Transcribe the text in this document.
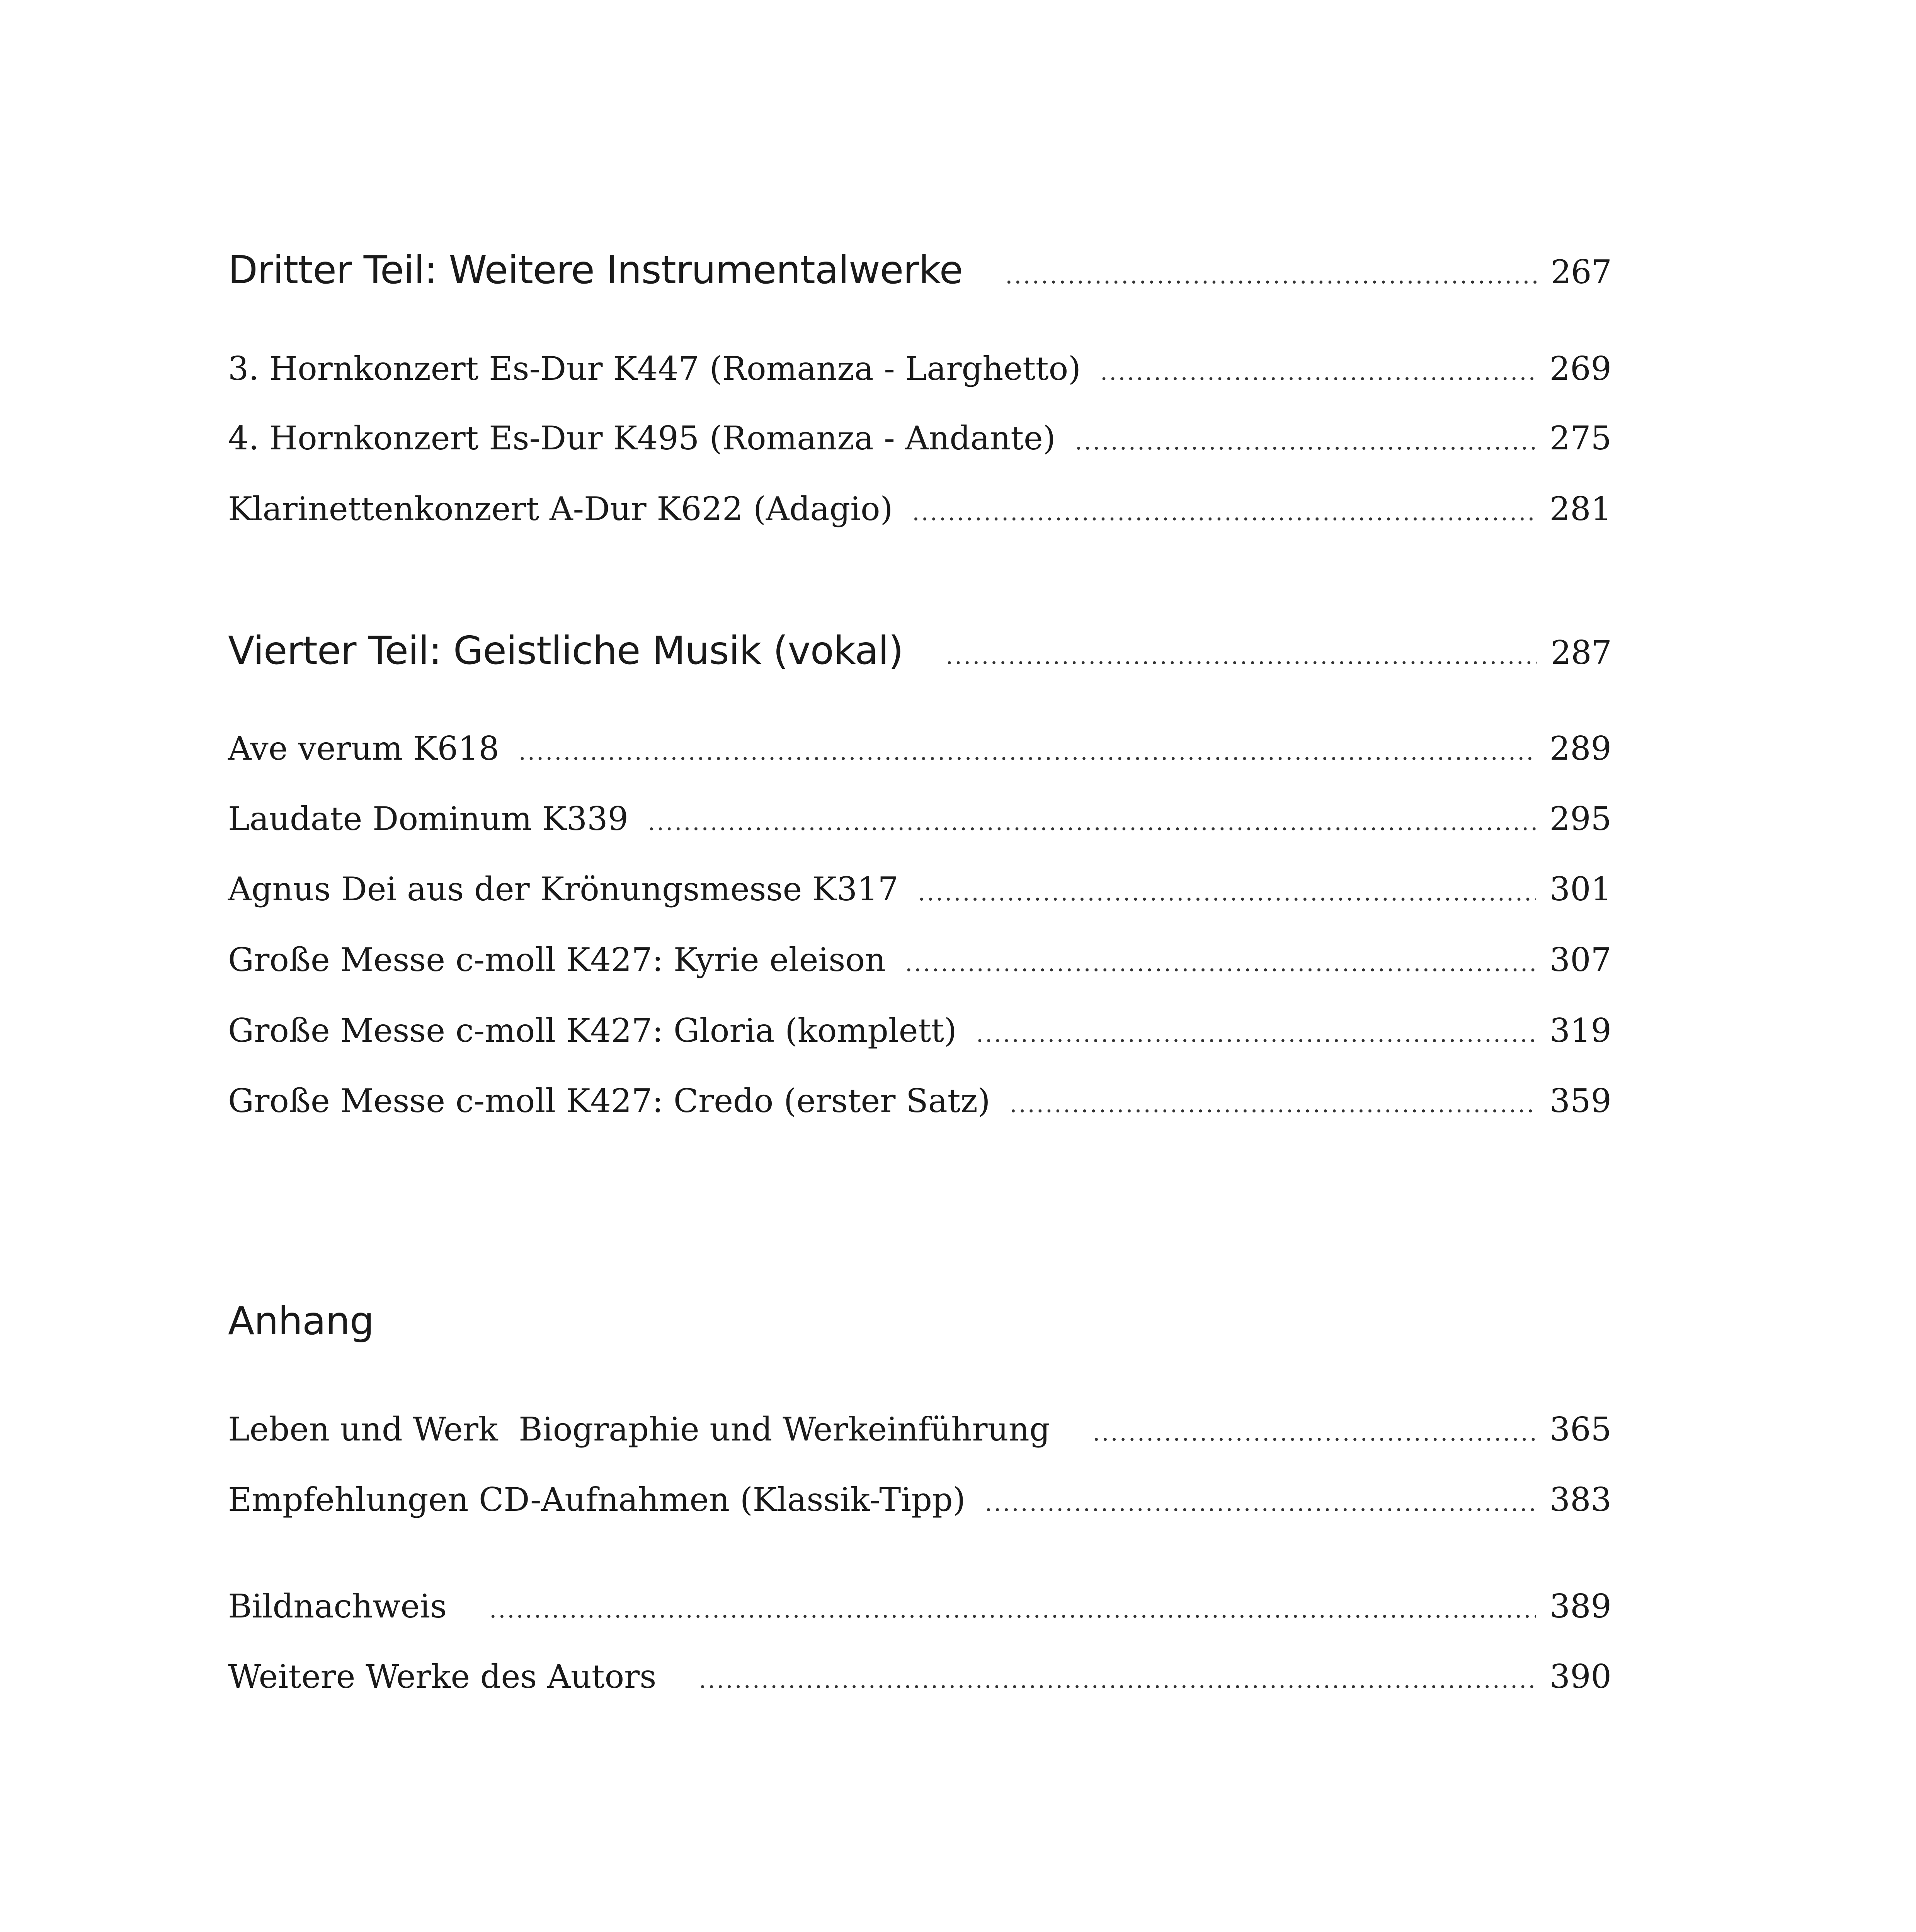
Dritter Teil: Weitere Instrumentalwerke .....	267
3. Hornkonzert Es-Dur K447 (Romanza - Larghetto) .....	269
4. Hornkonzert Es-Dur K495 (Romanza - Andante) .....	275
Klarinettenkonzert A-Dur K622 (Adagio) .....	281
Vierter Teil: Geistliche Musik (vokal) .....	287
Ave verum K618 .....	289
Laudate Dominum K339 .....	295
Agnus Dei aus der Krönungsmesse K317 .....	301
Große Messe c-moll K427: Kyrie eleison .....	307
Große Messe c-moll K427: Gloria (komplett) .....	319
Große Messe c-moll K427: Credo (erster Satz) .....	359
Anhang
Leben und Werk  Biographie und Werkeinführung .....	365
Empfehlungen CD-Aufnahmen (Klassik-Tipp) .....	383
Bildnachweis .....	389
Weitere Werke des Autors .....	390
